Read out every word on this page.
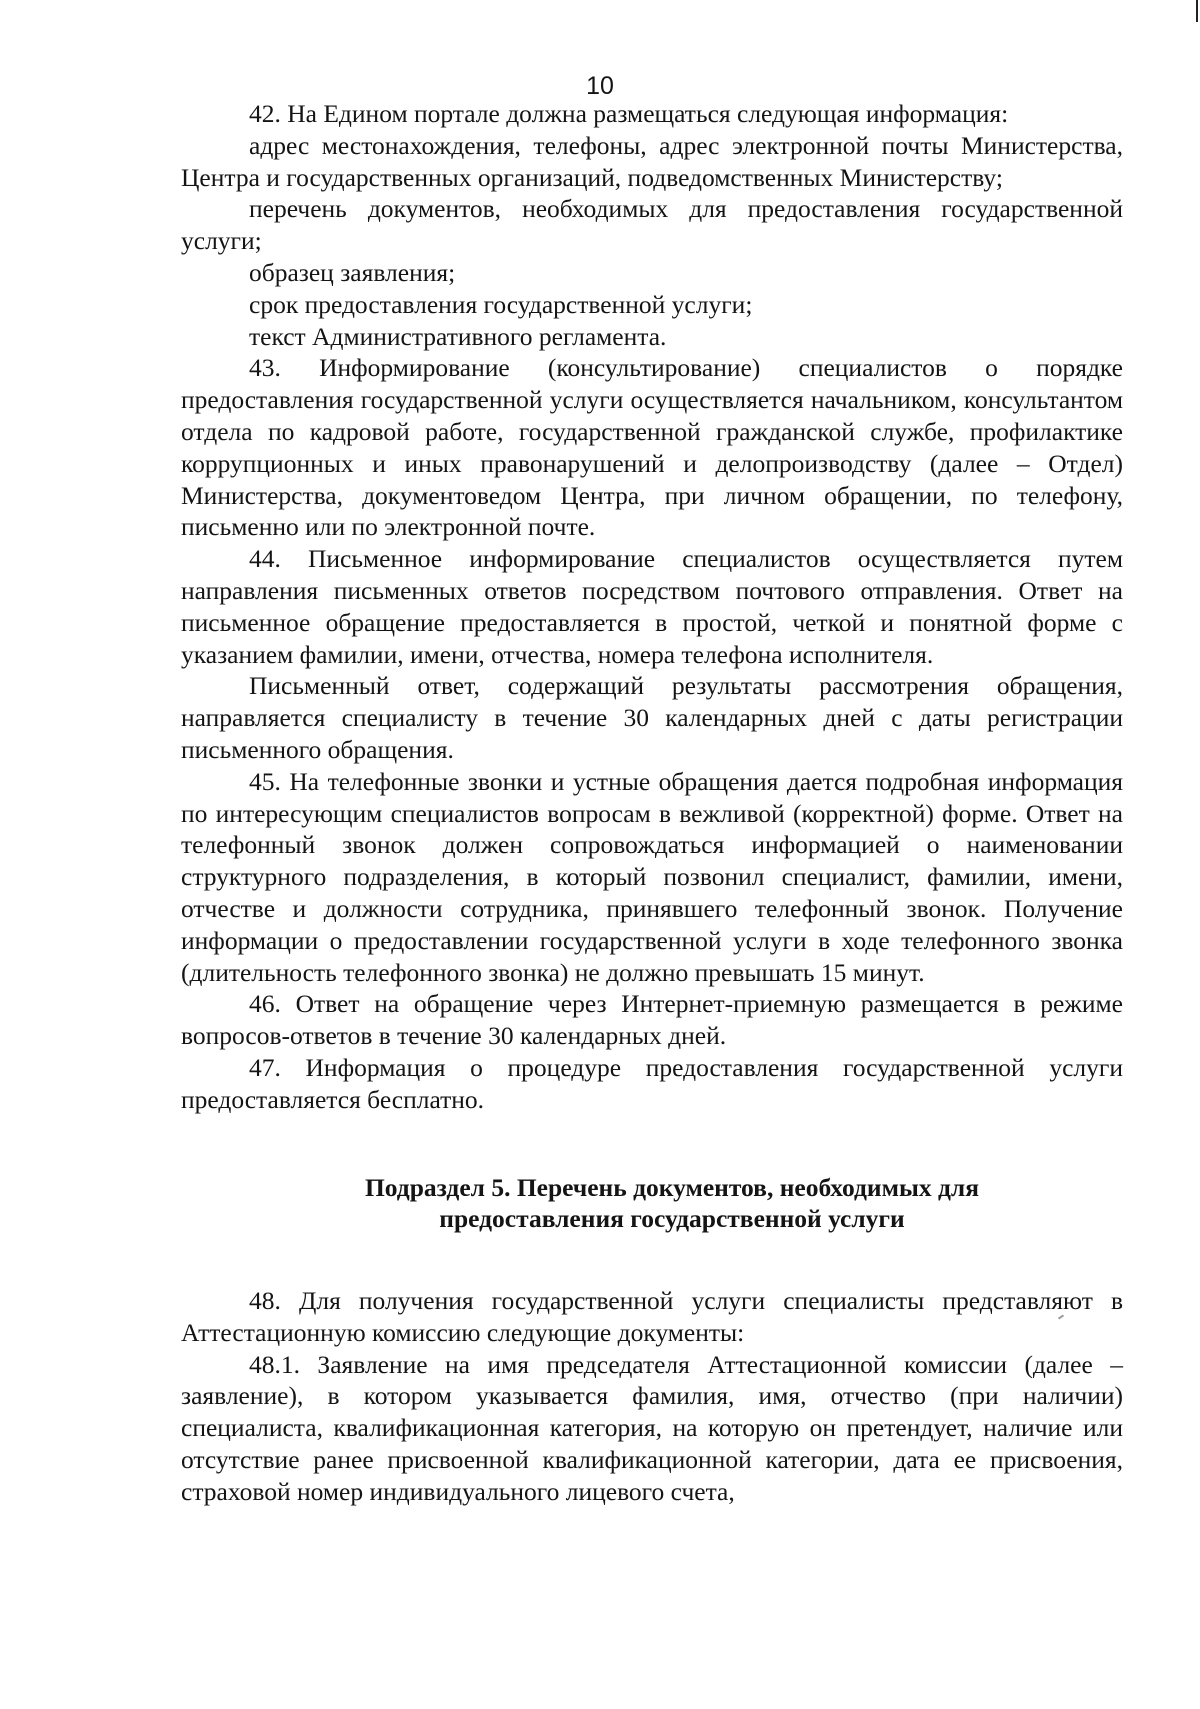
10

42. На Едином портале должна размещаться следующая информация:

адрес местонахождения, телефоны, адрес электронной почты Министерства, Центра и государственных организаций, подведомственных Министерству;

перечень документов, необходимых для предоставления государственной услуги;

образец заявления;

срок предоставления государственной услуги;

текст Административного регламента.

43. Информирование (консультирование) специалистов о порядке предоставления государственной услуги осуществляется начальником, консультантом отдела по кадровой работе, государственной гражданской службе, профилактике коррупционных и иных правонарушений и делопроизводству (далее – Отдел) Министерства, документоведом Центра, при личном обращении, по телефону, письменно или по электронной почте.

44. Письменное информирование специалистов осуществляется путем направления письменных ответов посредством почтового отправления. Ответ на письменное обращение предоставляется в простой, четкой и понятной форме с указанием фамилии, имени, отчества, номера телефона исполнителя.

Письменный ответ, содержащий результаты рассмотрения обращения, направляется специалисту в течение 30 календарных дней с даты регистрации письменного обращения.

45. На телефонные звонки и устные обращения дается подробная информация по интересующим специалистов вопросам в вежливой (корректной) форме. Ответ на телефонный звонок должен сопровождаться информацией о наименовании структурного подразделения, в который позвонил специалист, фамилии, имени, отчестве и должности сотрудника, принявшего телефонный звонок. Получение информации о предоставлении государственной услуги в ходе телефонного звонка (длительность телефонного звонка) не должно превышать 15 минут.

46. Ответ на обращение через Интернет-приемную размещается в режиме вопросов-ответов в течение 30 календарных дней.

47. Информация о процедуре предоставления государственной услуги предоставляется бесплатно.

Подраздел 5. Перечень документов, необходимых для
предоставления государственной услуги

48. Для получения государственной услуги специалисты представляют в Аттестационную комиссию следующие документы:

48.1. Заявление на имя председателя Аттестационной комиссии (далее – заявление), в котором указывается фамилия, имя, отчество (при наличии) специалиста, квалификационная категория, на которую он претендует, наличие или отсутствие ранее присвоенной квалификационной категории, дата ее присвоения, страховой номер индивидуального лицевого счета,
